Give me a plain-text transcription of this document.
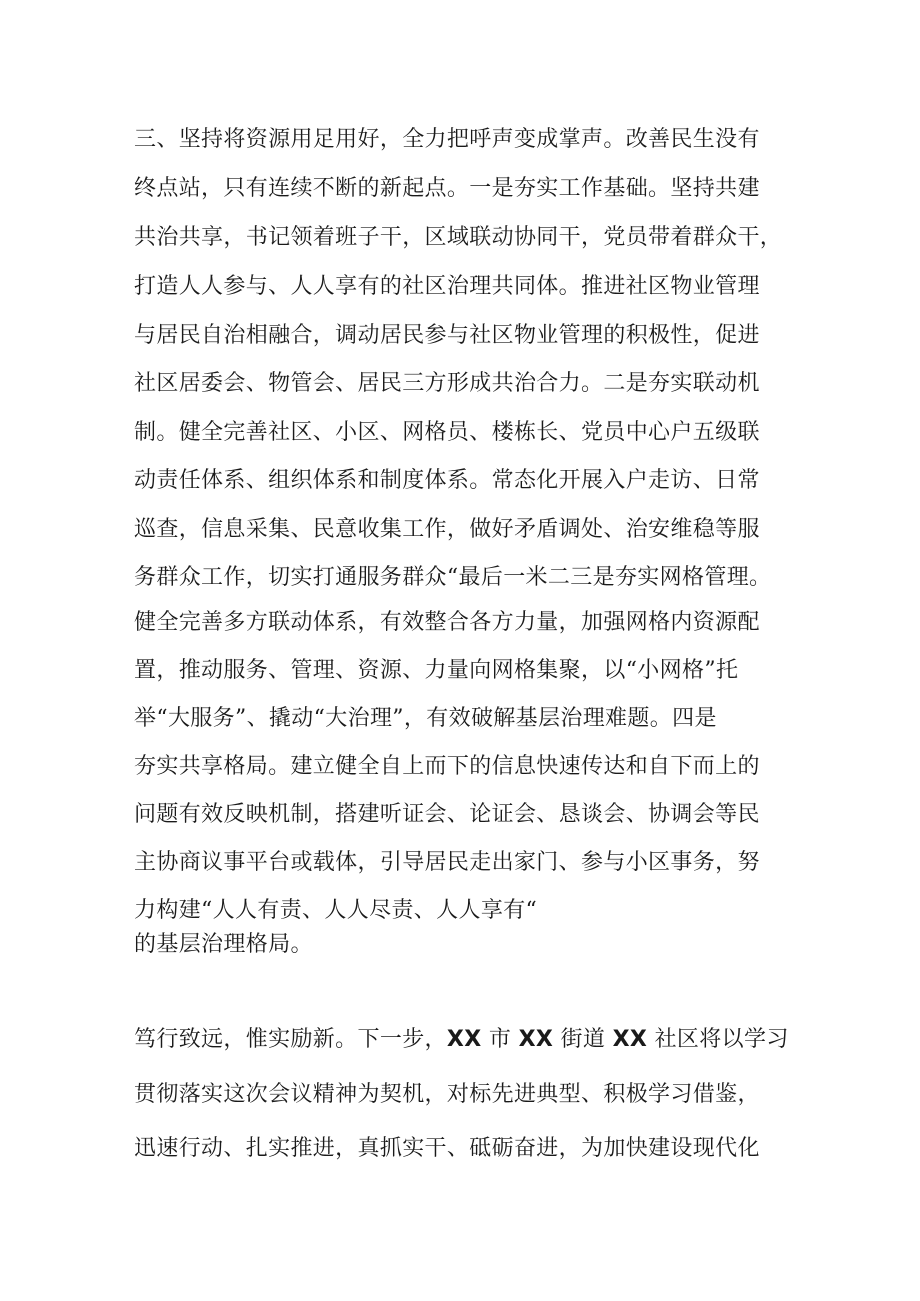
三、坚持将资源用足用好，全力把呼声变成掌声。改善民生没有
终点站，只有连续不断的新起点。一是夯实工作基础。坚持共建
共治共享，书记领着班子干，区域联动协同干，党员带着群众干，
打造人人参与、人人享有的社区治理共同体。推进社区物业管理
与居民自治相融合，调动居民参与社区物业管理的积极性，促进
社区居委会、物管会、居民三方形成共治合力。二是夯实联动机
制。健全完善社区、小区、网格员、楼栋长、党员中心户五级联
动责任体系、组织体系和制度体系。常态化开展入户走访、日常
巡查，信息采集、民意收集工作，做好矛盾调处、治安维稳等服
务群众工作，切实打通服务群众“最后一米二三是夯实网格管理。
健全完善多方联动体系，有效整合各方力量，加强网格内资源配
置，推动服务、管理、资源、力量向网格集聚，以“小网格”托
举“大服务”、撬动“大治理”，有效破解基层治理难题。四是
夯实共享格局。建立健全自上而下的信息快速传达和自下而上的
问题有效反映机制，搭建听证会、论证会、恳谈会、协调会等民
主协商议事平台或载体，引导居民走出家门、参与小区事务，努
力构建“人人有责、人人尽责、人人享有“
的基层治理格局。
笃行致远，惟实励新。下一步，XX 市 XX 街道 XX 社区将以学习
贯彻落实这次会议精神为契机，对标先进典型、积极学习借鉴，
迅速行动、扎实推进，真抓实干、砥砺奋进，为加快建设现代化
